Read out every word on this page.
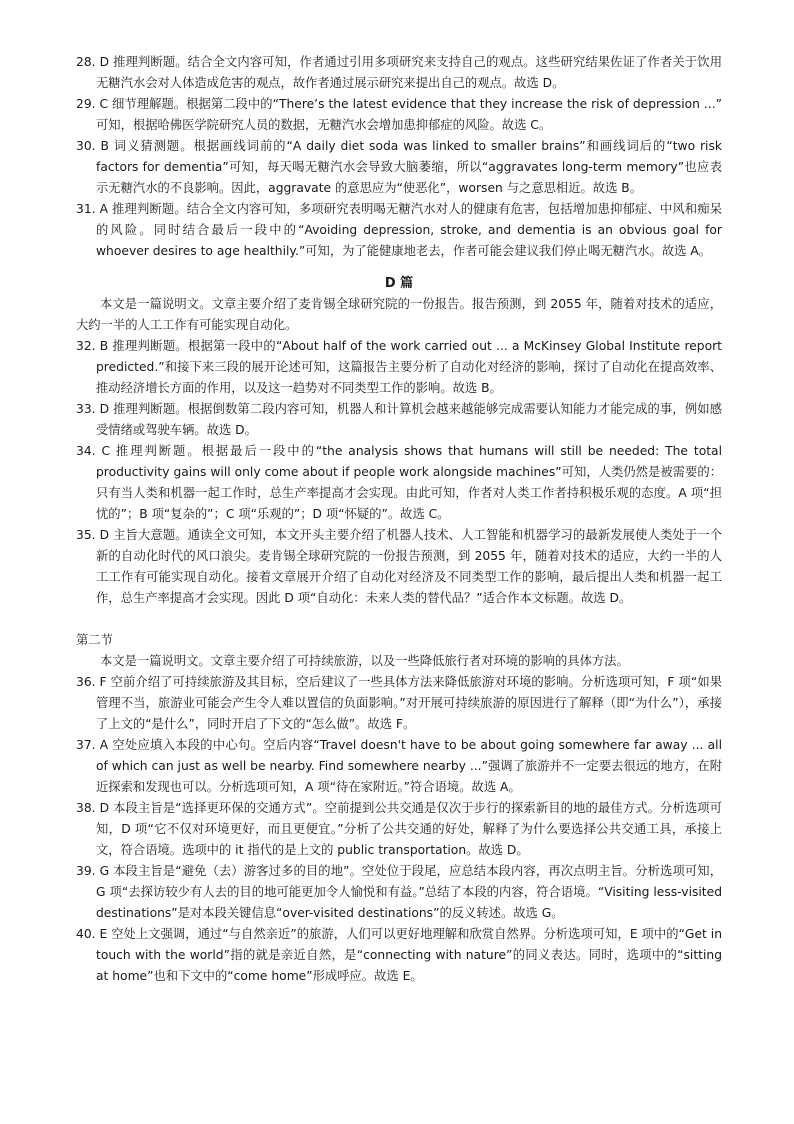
28. D 推理判断题。结合全文内容可知，作者通过引用多项研究来支持自己的观点。这些研究结果佐证了作者关于饮用无糖汽水会对人体造成危害的观点，故作者通过展示研究来提出自己的观点。故选 D。

29. C 细节理解题。根据第二段中的“There’s the latest evidence that they increase the risk of depression ...” 可知，根据哈佛医学院研究人员的数据，无糖汽水会增加患抑郁症的风险。故选 C。

30. B 词义猜测题。根据画线词前的“A daily diet soda was linked to smaller brains”和画线词后的“two risk factors for dementia”可知，每天喝无糖汽水会导致大脑萎缩，所以“aggravates long-term memory”也应表示无糖汽水的不良影响。因此，aggravate 的意思应为“使恶化”，worsen 与之意思相近。故选 B。

31. A 推理判断题。结合全文内容可知，多项研究表明喝无糖汽水对人的健康有危害，包括增加患抑郁症、中风和痴呆的风险。同时结合最后一段中的“Avoiding depression, stroke, and dementia is an obvious goal for whoever desires to age healthily.”可知，为了能健康地老去，作者可能会建议我们停止喝无糖汽水。故选 A。

D 篇

本文是一篇说明文。文章主要介绍了麦肯锡全球研究院的一份报告。报告预测，到 2055 年，随着对技术的适应，大约一半的人工工作有可能实现自动化。

32. B 推理判断题。根据第一段中的“About half of the work carried out ... a McKinsey Global Institute report predicted.”和接下来三段的展开论述可知，这篇报告主要分析了自动化对经济的影响，探讨了自动化在提高效率、推动经济增长方面的作用，以及这一趋势对不同类型工作的影响。故选 B。

33. D 推理判断题。根据倒数第二段内容可知，机器人和计算机会越来越能够完成需要认知能力才能完成的事，例如感受情绪或驾驶车辆。故选 D。

34. C 推理判断题。根据最后一段中的“the analysis shows that humans will still be needed: The total productivity gains will only come about if people work alongside machines”可知，人类仍然是被需要的：只有当人类和机器一起工作时，总生产率提高才会实现。由此可知，作者对人类工作者持积极乐观的态度。A 项“担忧的”；B 项“复杂的”；C 项“乐观的”；D 项“怀疑的”。故选 C。

35. D 主旨大意题。通读全文可知，本文开头主要介绍了机器人技术、人工智能和机器学习的最新发展使人类处于一个新的自动化时代的风口浪尖。麦肯锡全球研究院的一份报告预测，到 2055 年，随着对技术的适应，大约一半的人工工作有可能实现自动化。接着文章展开介绍了自动化对经济及不同类型工作的影响，最后提出人类和机器一起工作，总生产率提高才会实现。因此 D 项“自动化：未来人类的替代品？”适合作本文标题。故选 D。

第二节

本文是一篇说明文。文章主要介绍了可持续旅游，以及一些降低旅行者对环境的影响的具体方法。

36. F 空前介绍了可持续旅游及其目标，空后建议了一些具体方法来降低旅游对环境的影响。分析选项可知，F 项“如果管理不当，旅游业可能会产生令人难以置信的负面影响。”对开展可持续旅游的原因进行了解释（即“为什么”），承接了上文的“是什么”，同时开启了下文的“怎么做”。故选 F。

37. A 空处应填入本段的中心句。空后内容“Travel doesn't have to be about going somewhere far away ... all of which can just as well be nearby. Find somewhere nearby ...”强调了旅游并不一定要去很远的地方，在附近探索和发现也可以。分析选项可知，A 项“待在家附近。”符合语境。故选 A。

38. D 本段主旨是“选择更环保的交通方式”。空前提到公共交通是仅次于步行的探索新目的地的最佳方式。分析选项可知，D 项“它不仅对环境更好，而且更便宜。”分析了公共交通的好处，解释了为什么要选择公共交通工具，承接上文，符合语境。选项中的 it 指代的是上文的 public transportation。故选 D。

39. G 本段主旨是“避免（去）游客过多的目的地”。空处位于段尾，应总结本段内容，再次点明主旨。分析选项可知，G 项“去探访较少有人去的目的地可能更加令人愉悦和有益。”总结了本段的内容，符合语境。“Visiting less-visited destinations”是对本段关键信息“over-visited destinations”的反义转述。故选 G。

40. E 空处上文强调，通过“与自然亲近”的旅游，人们可以更好地理解和欣赏自然界。分析选项可知，E 项中的“Get in touch with the world”指的就是亲近自然，是“connecting with nature”的同义表达。同时，选项中的“sitting at home”也和下文中的“come home”形成呼应。故选 E。
